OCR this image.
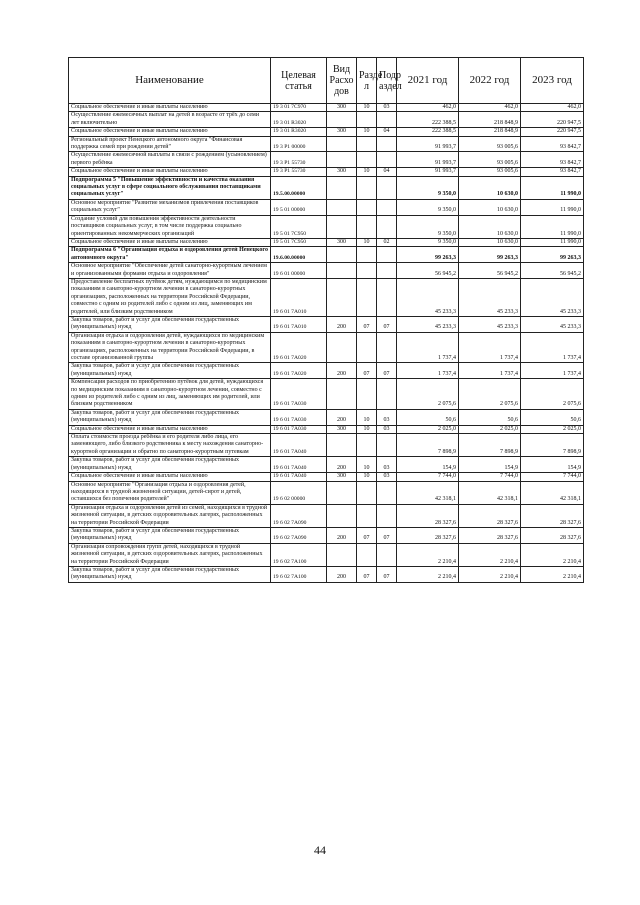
Наименование	Целевая статья	Вид Расхо дов	Разде л	Подр аздел	2021 год	2022 год	2023 год
Социальное обеспечение и иные выплаты населению	19 3 01 7С970	300	10	03	462,0	462,0	462,0
Осуществление ежемесячных выплат на детей в возрасте от трёх до семи лет включительно	19 3 01 R3020				222 388,5	218 848,9	220 947,5
Социальное обеспечение и иные выплаты населению	19 3 01 R3020	300	10	04	222 388,5	218 848,9	220 947,5
Региональный проект Ненецкого автономного округа "Финансовая поддержка семей при рождении детей"	19 3 P1 00000				91 993,7	93 005,6	93 842,7
Осуществление ежемесячной выплаты в связи с рождением (усыновлением) первого ребёнка	19 3 P1 55730				91 993,7	93 005,6	93 842,7
Социальное обеспечение и иные выплаты населению	19 3 P1 55730	300	10	04	91 993,7	93 005,6	93 842,7
Подпрограмма 5 "Повышение эффективности и качества оказания социальных услуг в сфере социального обслуживания поставщиками социальных услуг"	19.5.00.00000				9 350,0	10 630,0	11 990,0
Основное мероприятие "Развитие механизмов привлечения поставщиков социальных услуг"	19 5 01 00000				9 350,0	10 630,0	11 990,0
Создание условий для повышения эффективности деятельности поставщиков социальных услуг, в том числе поддержка социально ориентированных некоммерческих организаций	19 5 01 7С950				9 350,0	10 630,0	11 990,0
Социальное обеспечение и иные выплаты населению	19 5 01 7С950	300	10	02	9 350,0	10 630,0	11 990,0
Подпрограмма 6 "Организация отдыха и оздоровления детей Ненецкого автономного округа"	19.6.00.00000				99 263,3	99 263,3	99 263,3
Основное мероприятие "Обеспечение детей санаторно-курортным лечением и организованными формами отдыха и оздоровления"	19 6 01 00000				56 945,2	56 945,2	56 945,2
Предоставление бесплатных путёвок детям, нуждающимся по медицинским показаниям в санаторно-курортном лечении в санаторно-курортных организациях, расположенных на территории Российской Федерации, совместно с одним из родителей либо с одним из лиц, заменяющих им родителей, или близким родственником	19 6 01 7А010				45 233,3	45 233,3	45 233,3
Закупка товаров, работ и услуг для обеспечения государственных (муниципальных) нужд	19 6 01 7А010	200	07	07	45 233,3	45 233,3	45 233,3
Организация отдыха и оздоровления детей, нуждающихся по медицинским показаниям в санаторно-курортном лечении в санаторно-курортных организациях, расположенных на территории Российской Федерации, в составе организованной группы	19 6 01 7А020				1 737,4	1 737,4	1 737,4
Закупка товаров, работ и услуг для обеспечения государственных (муниципальных) нужд	19 6 01 7А020	200	07	07	1 737,4	1 737,4	1 737,4
Компенсация расходов по приобретению путёвок для детей, нуждающихся по медицинским показаниям в санаторно-курортном лечении, совместно с одним из родителей либо с одним из лиц, заменяющих им родителей, или близким родственником	19 6 01 7А030				2 075,6	2 075,6	2 075,6
Закупка товаров, работ и услуг для обеспечения государственных (муниципальных) нужд	19 6 01 7А030	200	10	03	50,6	50,6	50,6
Социальное обеспечение и иные выплаты населению	19 6 01 7А030	300	10	03	2 025,0	2 025,0	2 025,0
Оплата стоимости проезда ребёнка и его родителя либо лица, его заменяющего, либо близкого родственника к месту нахождения санаторно-курортной организации и обратно по санаторно-курортным путевкам	19 6 01 7А040				7 898,9	7 898,9	7 898,9
Закупка товаров, работ и услуг для обеспечения государственных (муниципальных) нужд	19 6 01 7А040	200	10	03	154,9	154,9	154,9
Социальное обеспечение и иные выплаты населению	19 6 01 7А040	300	10	03	7 744,0	7 744,0	7 744,0
Основное мероприятие "Организация отдыха и оздоровления детей, находящихся в трудной жизненной ситуации, детей-сирот и детей, оставшихся без попечения родителей"	19 6 02 00000				42 318,1	42 318,1	42 318,1
Организация отдыха и оздоровления детей из семей, находящихся в трудной жизненной ситуации, в детских оздоровительных лагерях, расположенных на территории Российской Федерации	19 6 02 7А090				28 327,6	28 327,6	28 327,6
Закупка товаров, работ и услуг для обеспечения государственных (муниципальных) нужд	19 6 02 7А090	200	07	07	28 327,6	28 327,6	28 327,6
Организация сопровождения групп детей, находящихся в трудной жизненной ситуации, в детских оздоровительных лагерях, расположенных на территории Российской Федерации	19 6 02 7А100				2 210,4	2 210,4	2 210,4
Закупка товаров, работ и услуг для обеспечения государственных (муниципальных) нужд	19 6 02 7А100	200	07	07	2 210,4	2 210,4	2 210,4
44
